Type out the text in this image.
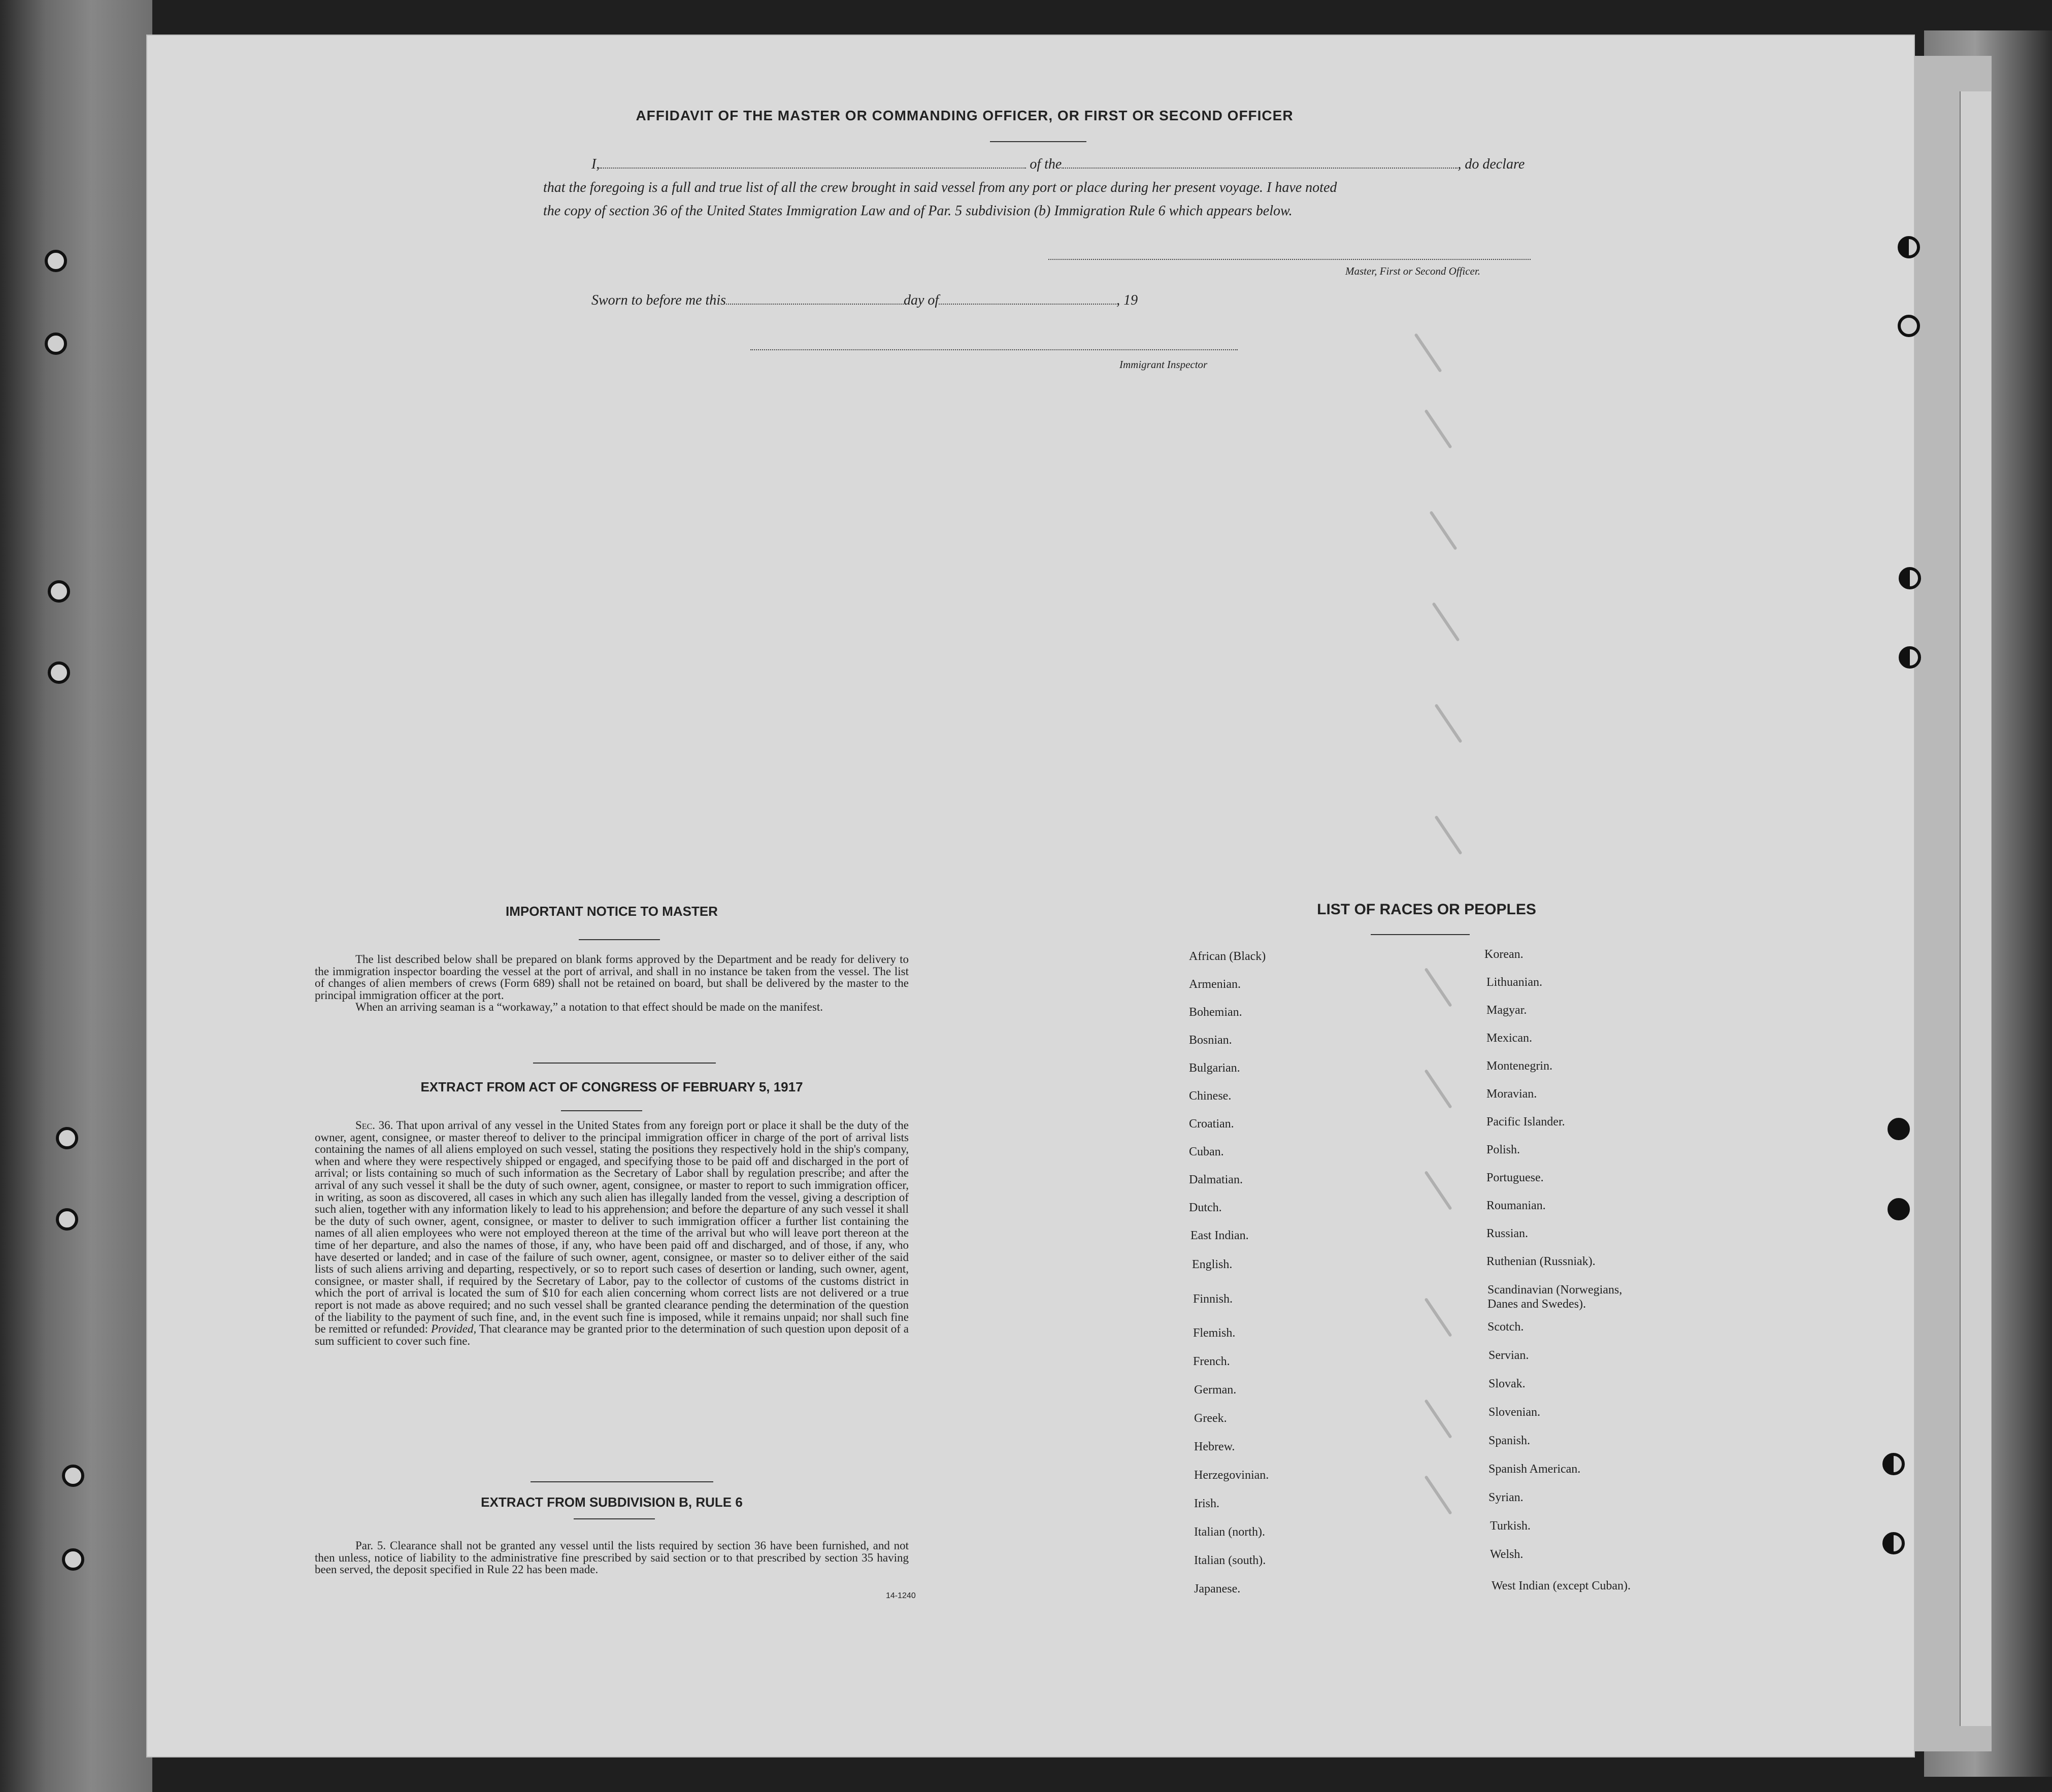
AFFIDAVIT OF THE MASTER OR COMMANDING OFFICER, OR FIRST OR SECOND OFFICER
I,	of the	, do declare
that the foregoing is a full and true list of all the crew brought in said vessel from any port or place during her present voyage. I have noted
the copy of section 36 of the United States Immigration Law and of Par. 5 subdivision (b) Immigration Rule 6 which appears below.
Master, First or Second Officer.
Sworn to before me this	day of	, 19
Immigrant Inspector
IMPORTANT NOTICE TO MASTER

The list described below shall be prepared on blank forms approved by the Department and be ready for delivery to the immigration inspector boarding the vessel at the port of arrival, and shall in no instance be taken from the vessel. The list of changes of alien members of crews (Form 689) shall not be retained on board, but shall be delivered by the master to the principal immigration officer at the port.

When an arriving seaman is a “workaway,” a notation to that effect should be made on the manifest.

EXTRACT FROM ACT OF CONGRESS OF FEBRUARY 5, 1917

Sec. 36. That upon arrival of any vessel in the United States from any foreign port or place it shall be the duty of the owner, agent, consignee, or master thereof to deliver to the principal immigration officer in charge of the port of arrival lists containing the names of all aliens employed on such vessel, stating the positions they respectively hold in the ship's company, when and where they were respectively shipped or engaged, and specifying those to be paid off and discharged in the port of arrival; or lists containing so much of such information as the Secretary of Labor shall by regulation prescribe; and after the arrival of any such vessel it shall be the duty of such owner, agent, consignee, or master to report to such immigration officer, in writing, as soon as discovered, all cases in which any such alien has illegally landed from the vessel, giving a description of such alien, together with any information likely to lead to his apprehension; and before the departure of any such vessel it shall be the duty of such owner, agent, consignee, or master to deliver to such immigration officer a further list containing the names of all alien employees who were not employed thereon at the time of the arrival but who will leave port thereon at the time of her departure, and also the names of those, if any, who have been paid off and discharged, and of those, if any, who have deserted or landed; and in case of the failure of such owner, agent, consignee, or master so to deliver either of the said lists of such aliens arriving and departing, respectively, or so to report such cases of desertion or landing, such owner, agent, consignee, or master shall, if required by the Secretary of Labor, pay to the collector of customs of the customs district in which the port of arrival is located the sum of $10 for each alien concerning whom correct lists are not delivered or a true report is not made as above required; and no such vessel shall be granted clearance pending the determination of the question of the liability to the payment of such fine, and, in the event such fine is imposed, while it remains unpaid; nor shall such fine be remitted or refunded: Provided, That clearance may be granted prior to the determination of such question upon deposit of a sum sufficient to cover such fine.

EXTRACT FROM SUBDIVISION B, RULE 6

Par. 5. Clearance shall not be granted any vessel until the lists required by section 36 have been furnished, and not then unless, notice of liability to the administrative fine prescribed by said section or to that prescribed by section 35 having been served, the deposit specified in Rule 22 has been made.

14-1240
LIST OF RACES OR PEOPLES
African (Black)
Armenian.
Bohemian.
Bosnian.
Bulgarian.
Chinese.
Croatian.
Cuban.
Dalmatian.
Dutch.
East Indian.
English.
Finnish.
Flemish.
French.
German.
Greek.
Hebrew.
Herzegovinian.
Irish.
Italian (north).
Italian (south).
Japanese.
Korean.
Lithuanian.
Magyar.
Mexican.
Montenegrin.
Moravian.
Pacific Islander.
Polish.
Portuguese.
Roumanian.
Russian.
Ruthenian (Russniak).
Scandinavian (Norwegians,
Danes and Swedes).
Scotch.
Servian.
Slovak.
Slovenian.
Spanish.
Spanish American.
Syrian.
Turkish.
Welsh.
West Indian (except Cuban).
